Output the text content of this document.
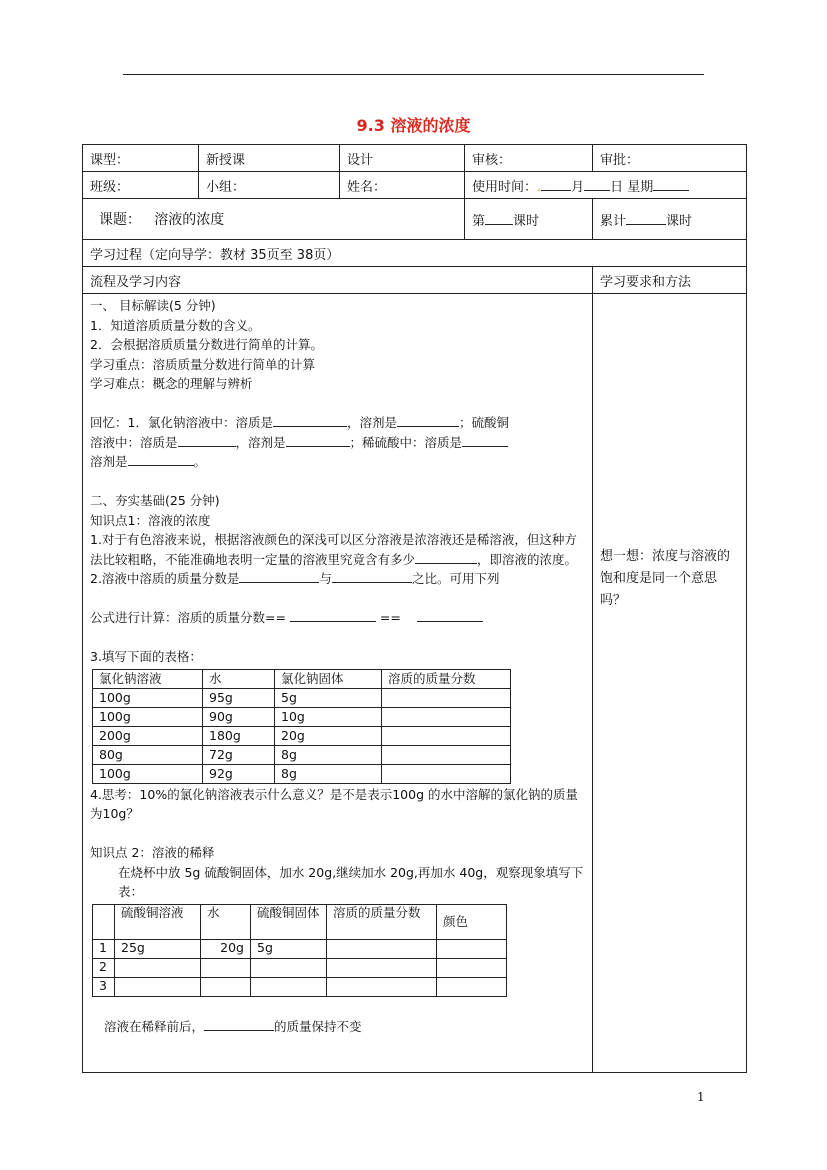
9.3 溶液的浓度
课型：	新授课	设计	审核：	审批：
班级：	小组：	姓名：	使用时间：. 月 日 星期
课题： 溶液的浓度	第 课时	累计	课时
学习过程（定向导学：教材 35页至 38页）
流程及学习内容	学习要求和方法

一、 目标解读(5 分钟)

1．知道溶质质量分数的含义。

2．会根据溶质质量分数进行简单的计算。

学习重点：溶质质量分数进行简单的计算

学习难点：概念的理解与辨析

回忆：1．氯化钠溶液中：溶质是	，溶剂是	；硫酸铜
溶液中：溶质是	，溶剂是	；稀硫酸中：溶质是
溶剂是	。

二、夯实基础(25 分钟)

知识点1：溶液的浓度

1.对于有色溶液来说，根据溶液颜色的深浅可以区分溶液是浓溶液还是稀溶液，但这种方法比较粗略，不能准确地表明一定量的溶液里究竟含有多少	，即溶液的浓度。

2.溶液中溶质的质量分数是	与	之比。可用下列

公式进行计算：溶质的质量分数==	==

3.填写下面的表格：

氯化钠溶液	水	氯化钠固体	溶质的质量分数
100g	95g	5g	
100g	90g	10g	
200g	180g	20g	
80g	72g	8g	
100g	92g	8g	

4.思考：10%的氯化钠溶液表示什么意义？是不是表示100g 的水中溶解的氯化钠的质量为10g？

知识点 2：溶液的稀释

在烧杯中放 5g 硫酸铜固体，加水 20g,继续加水 20g,再加水 40g，观察现象填写下表：

	硫酸铜溶液	水	硫酸铜固体	溶质的质量分数	颜色
1	25g	20g	5g		
2					
3					

溶液在稀释前后，	的质量保持不变

想一想：浓度与溶液的饱和度是同一个意思吗？

1
